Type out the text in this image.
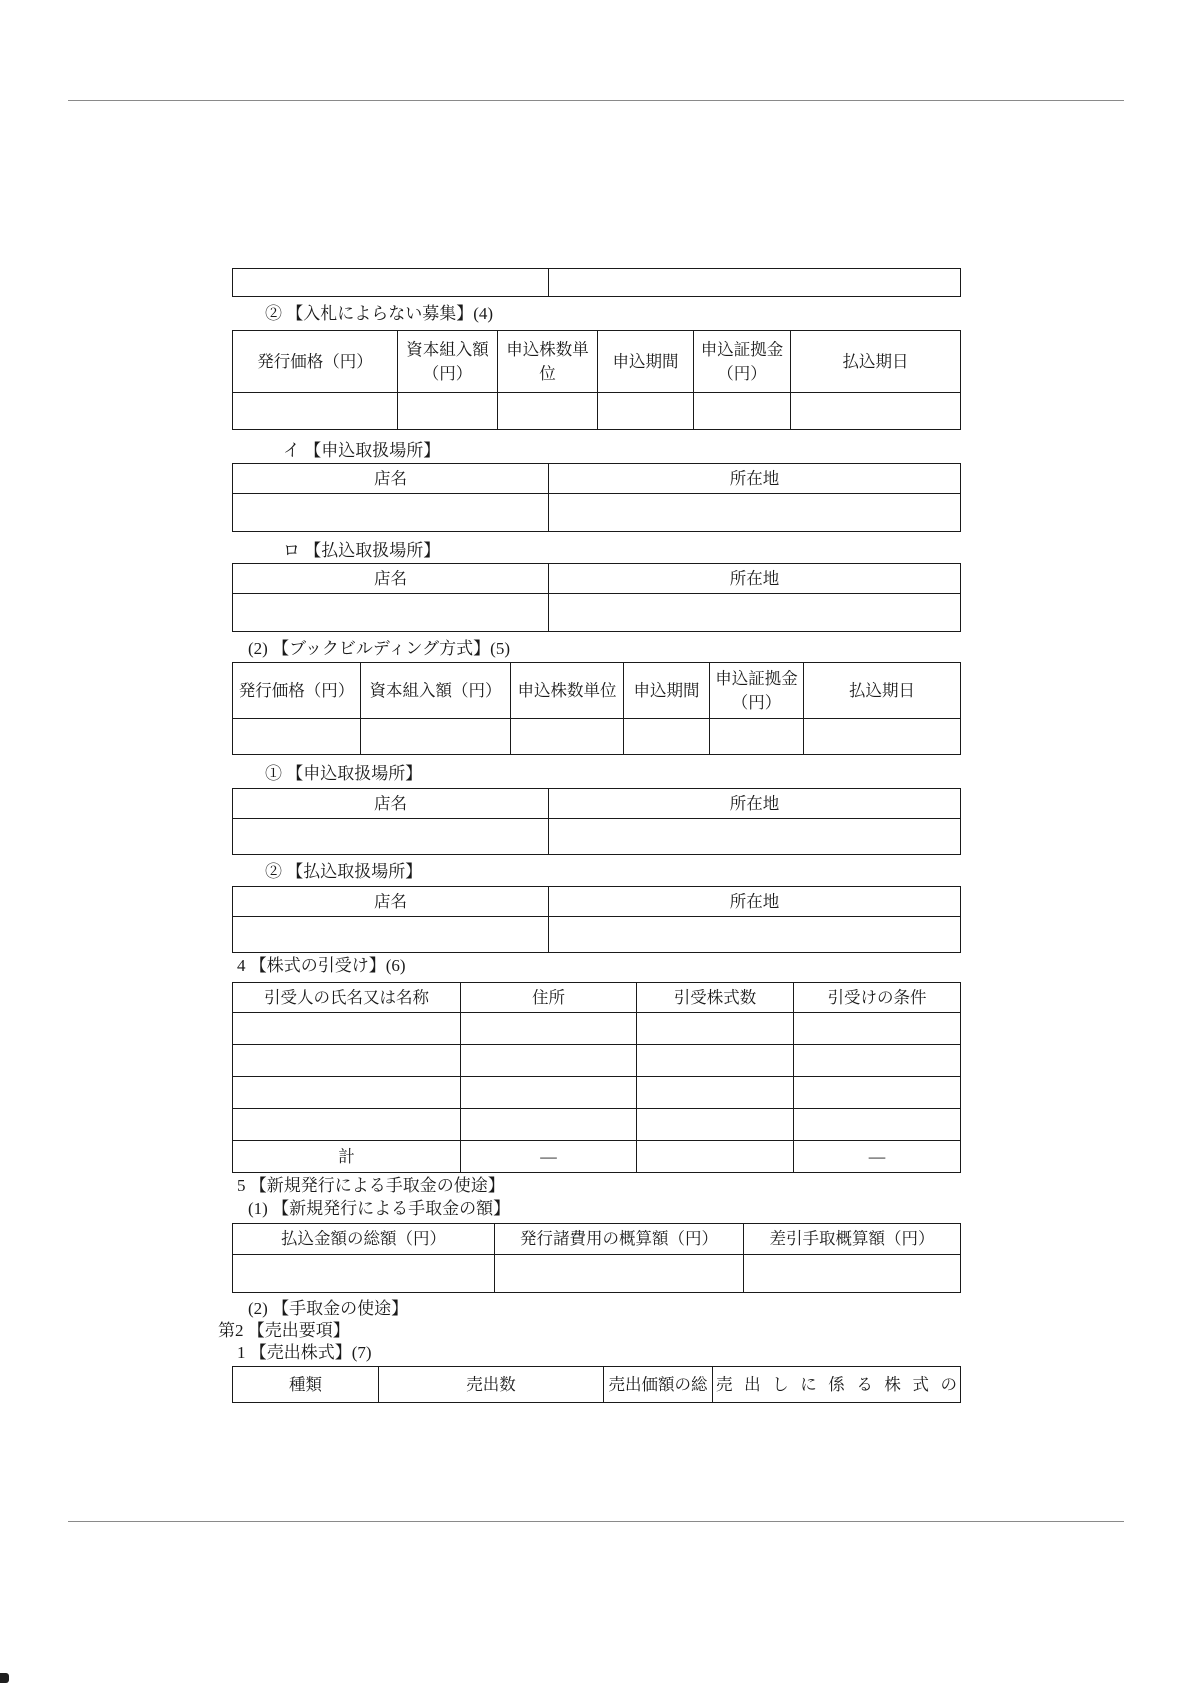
② 【入札によらない募集】(4)

発行価格（円）	資本組入額（円）	申込株数単位	申込期間	申込証拠金（円）	払込期日

イ 【申込取扱場所】

店名	所在地

ロ 【払込取扱場所】

店名	所在地

(2) 【ブックビルディング方式】(5)

発行価格（円）	資本組入額（円）	申込株数単位	申込期間	申込証拠金（円）	払込期日

① 【申込取扱場所】

店名	所在地

② 【払込取扱場所】

店名	所在地

4 【株式の引受け】(6)

引受人の氏名又は名称	住所	引受株式数	引受けの条件

計	―		―

5 【新規発行による手取金の使途】

(1) 【新規発行による手取金の額】

払込金額の総額（円）	発行諸費用の概算額（円）	差引手取概算額（円）

(2) 【手取金の使途】

第2 【売出要項】

1 【売出株式】(7)

種類	売出数	売出価額の総	売出しに係る株式の
